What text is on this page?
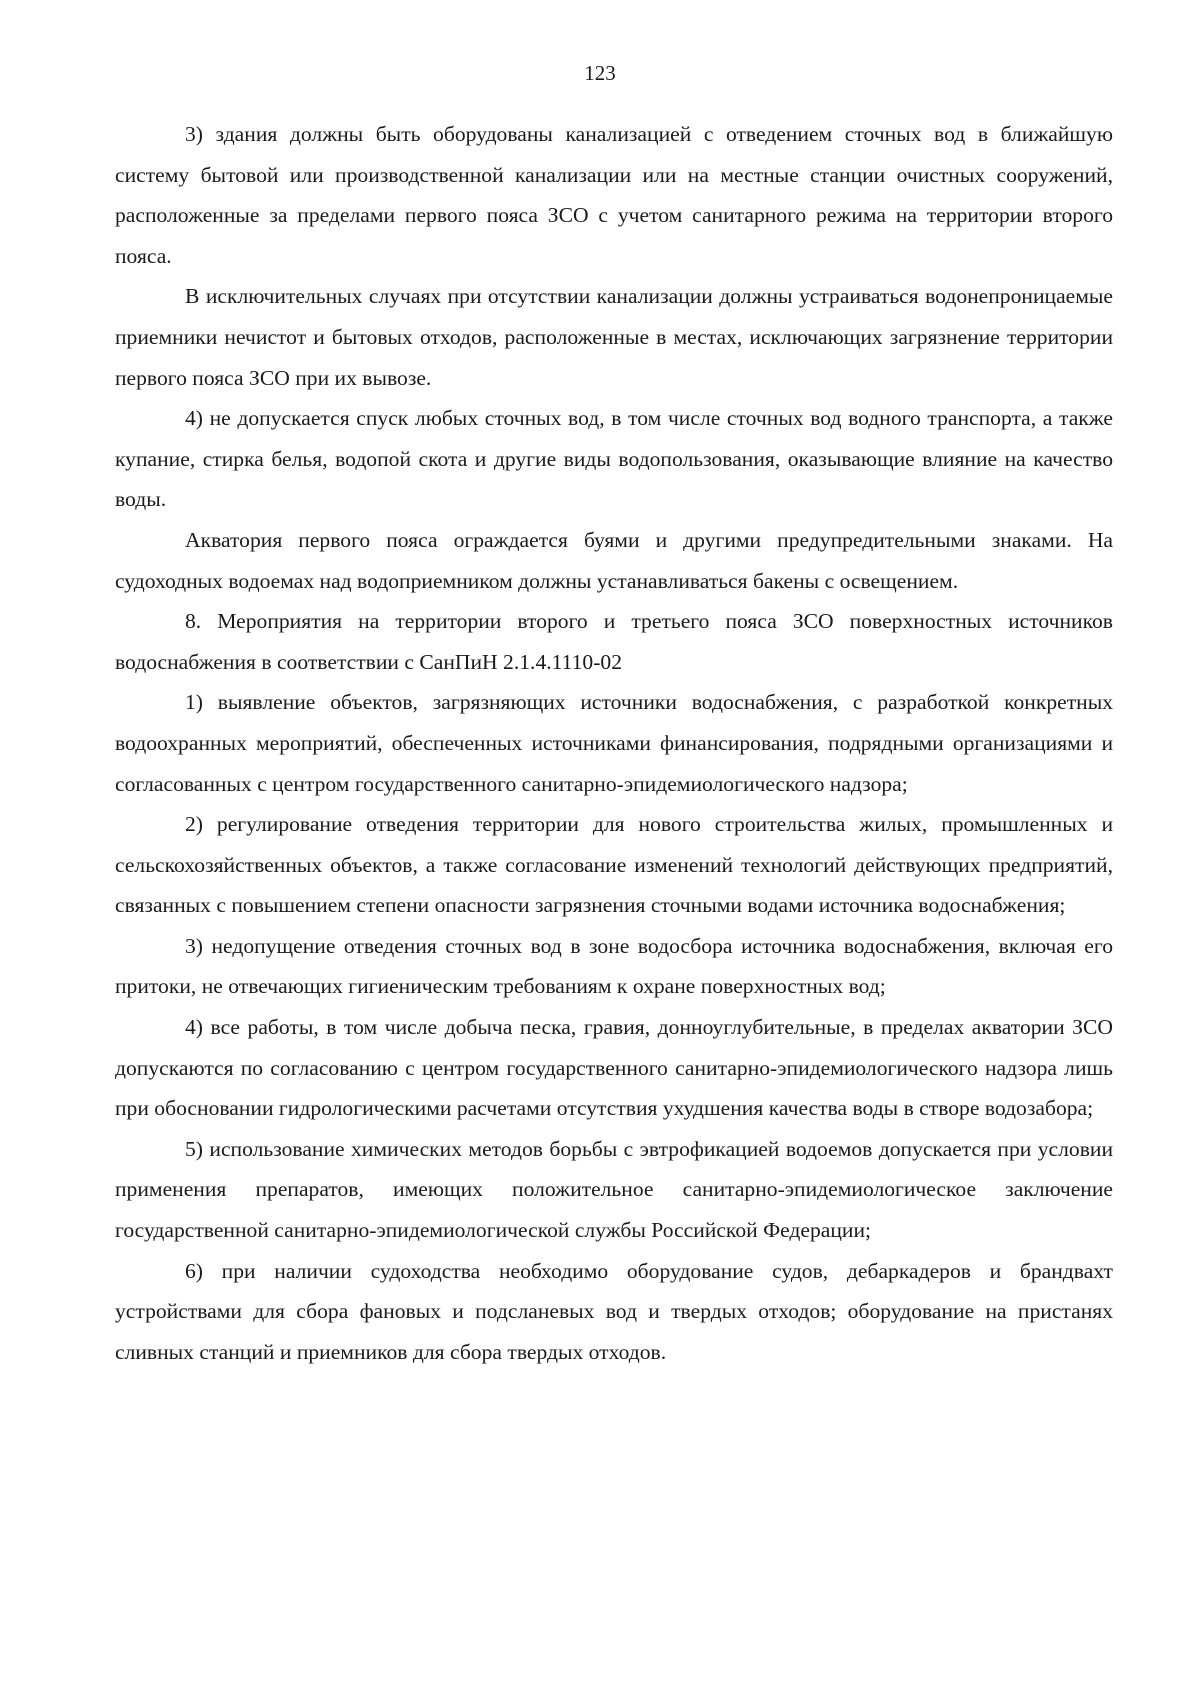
123

3) здания должны быть оборудованы канализацией с отведением сточных вод в ближайшую систему бытовой или производственной канализации или на местные станции очистных сооружений, расположенные за пределами первого пояса ЗСО с учетом санитарного режима на территории второго пояса.

В исключительных случаях при отсутствии канализации должны устраиваться водонепроницаемые приемники нечистот и бытовых отходов, расположенные в местах, исключающих загрязнение территории первого пояса ЗСО при их вывозе.

4) не допускается спуск любых сточных вод, в том числе сточных вод водного транспорта, а также купание, стирка белья, водопой скота и другие виды водопользования, оказывающие влияние на качество воды.

Акватория первого пояса ограждается буями и другими предупредительными знаками. На судоходных водоемах над водоприемником должны устанавливаться бакены с освещением.

8. Мероприятия на территории второго и третьего пояса ЗСО поверхностных источников водоснабжения в соответствии с СанПиН 2.1.4.1110-02

1) выявление объектов, загрязняющих источники водоснабжения, с разработкой конкретных водоохранных мероприятий, обеспеченных источниками финансирования, подрядными организациями и согласованных с центром государственного санитарно-эпидемиологического надзора;

2) регулирование отведения территории для нового строительства жилых, промышленных и сельскохозяйственных объектов, а также согласование изменений технологий действующих предприятий, связанных с повышением степени опасности загрязнения сточными водами источника водоснабжения;

3) недопущение отведения сточных вод в зоне водосбора источника водоснабжения, включая его притоки, не отвечающих гигиеническим требованиям к охране поверхностных вод;

4) все работы, в том числе добыча песка, гравия, донноуглубительные, в пределах акватории ЗСО допускаются по согласованию с центром государственного санитарно-эпидемиологического надзора лишь при обосновании гидрологическими расчетами отсутствия ухудшения качества воды в створе водозабора;

5) использование химических методов борьбы с эвтрофикацией водоемов допускается при условии применения препаратов, имеющих положительное санитарно-эпидемиологическое заключение государственной санитарно-эпидемиологической службы Российской Федерации;

6) при наличии судоходства необходимо оборудование судов, дебаркадеров и брандвахт устройствами для сбора фановых и подсланевых вод и твердых отходов; оборудование на пристанях сливных станций и приемников для сбора твердых отходов.
